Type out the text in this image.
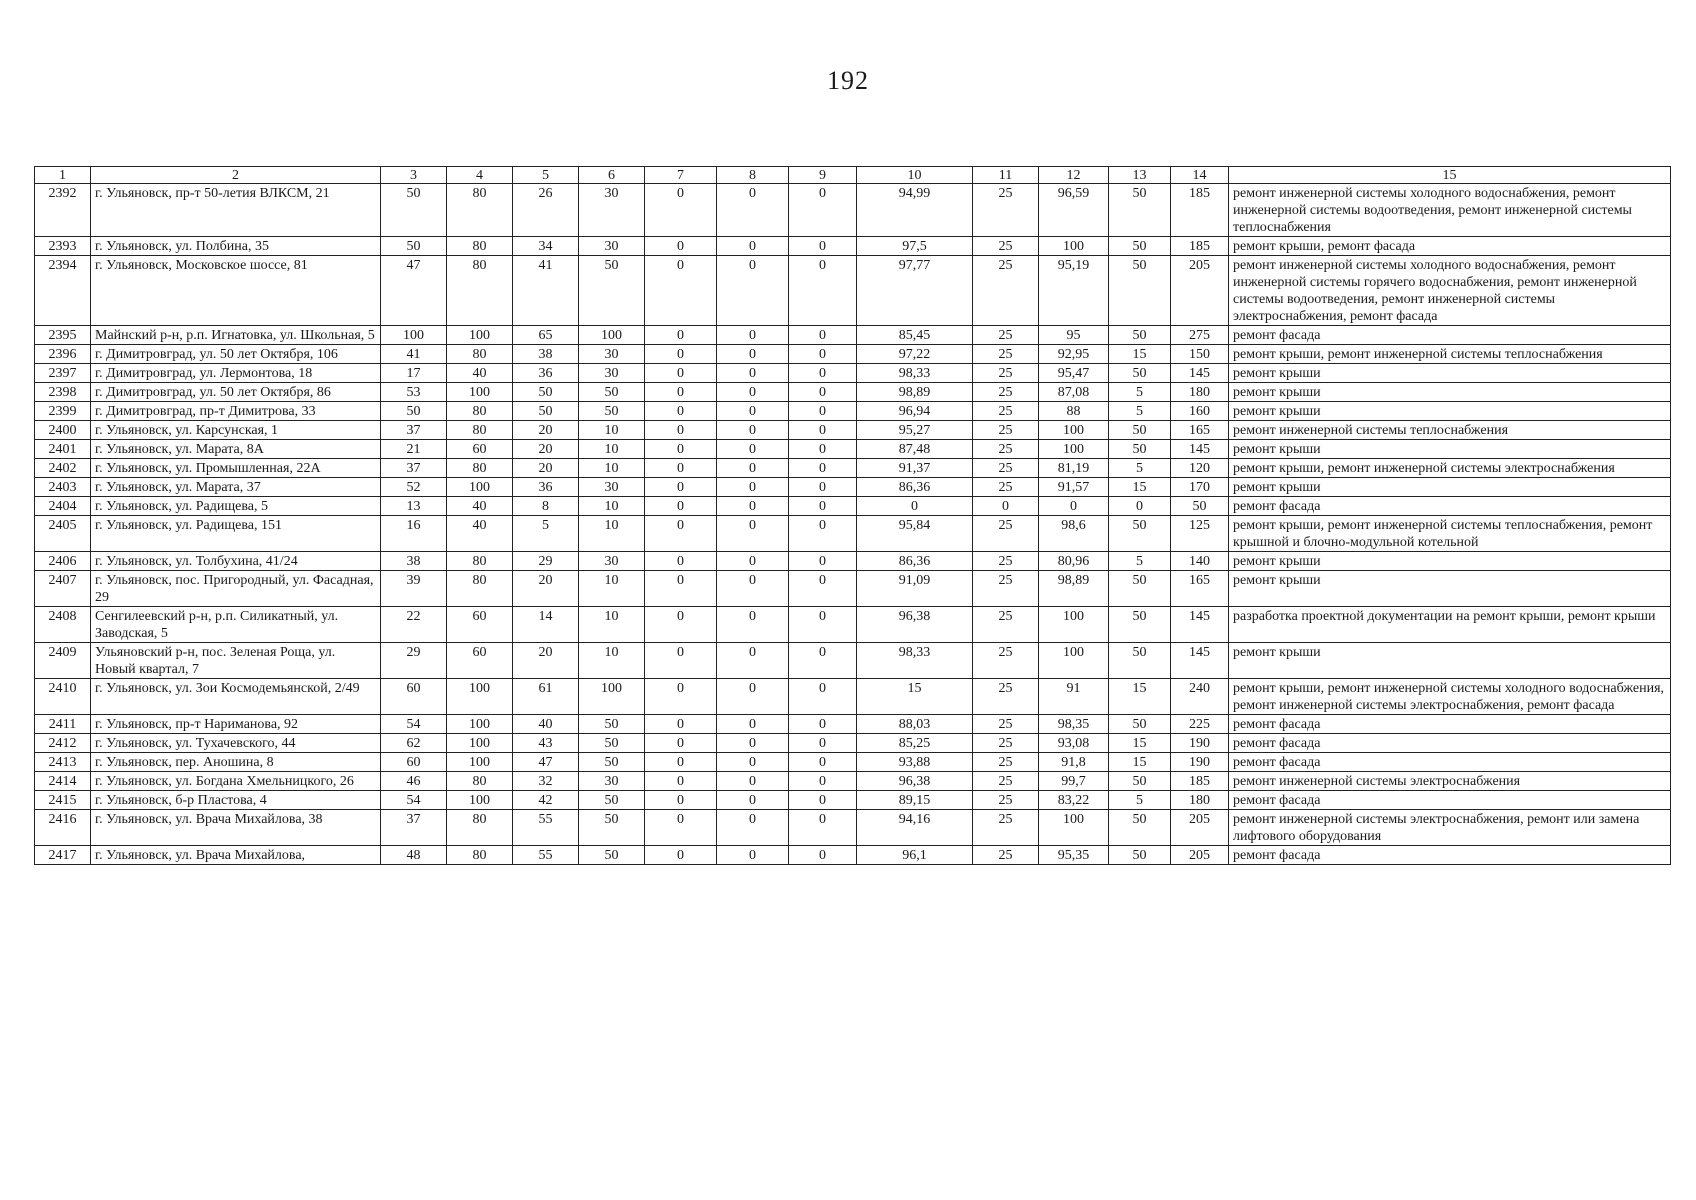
192
1	2	3	4	5	6	7	8	9	10	11	12	13	14	15
2392	г. Ульяновск, пр-т 50-летия ВЛКСМ, 21	50	80	26	30	0	0	0	94,99	25	96,59	50	185	ремонт инженерной системы холодного водоснабжения, ремонт инженерной системы водоотведения, ремонт инженерной системы теплоснабжения
2393	г. Ульяновск, ул. Полбина, 35	50	80	34	30	0	0	0	97,5	25	100	50	185	ремонт крыши, ремонт фасада
2394	г. Ульяновск, Московское шоссе, 81	47	80	41	50	0	0	0	97,77	25	95,19	50	205	ремонт инженерной системы холодного водоснабжения, ремонт инженерной системы горячего водоснабжения, ремонт инженерной системы водоотведения, ремонт инженерной системы электроснабжения, ремонт фасада
2395	Майнский р-н, р.п. Игнатовка, ул. Школьная, 5	100	100	65	100	0	0	0	85,45	25	95	50	275	ремонт фасада
2396	г. Димитровград, ул. 50 лет Октября, 106	41	80	38	30	0	0	0	97,22	25	92,95	15	150	ремонт крыши, ремонт инженерной системы теплоснабжения
2397	г. Димитровград, ул. Лермонтова, 18	17	40	36	30	0	0	0	98,33	25	95,47	50	145	ремонт крыши
2398	г. Димитровград, ул. 50 лет Октября, 86	53	100	50	50	0	0	0	98,89	25	87,08	5	180	ремонт крыши
2399	г. Димитровград, пр-т Димитрова, 33	50	80	50	50	0	0	0	96,94	25	88	5	160	ремонт крыши
2400	г. Ульяновск, ул. Карсунская, 1	37	80	20	10	0	0	0	95,27	25	100	50	165	ремонт инженерной системы теплоснабжения
2401	г. Ульяновск, ул. Марата, 8А	21	60	20	10	0	0	0	87,48	25	100	50	145	ремонт крыши
2402	г. Ульяновск, ул. Промышленная, 22А	37	80	20	10	0	0	0	91,37	25	81,19	5	120	ремонт крыши, ремонт инженерной системы электроснабжения
2403	г. Ульяновск, ул. Марата, 37	52	100	36	30	0	0	0	86,36	25	91,57	15	170	ремонт крыши
2404	г. Ульяновск, ул. Радищева, 5	13	40	8	10	0	0	0	0	0	0	0	50	ремонт фасада
2405	г. Ульяновск, ул. Радищева, 151	16	40	5	10	0	0	0	95,84	25	98,6	50	125	ремонт крыши, ремонт инженерной системы теплоснабжения, ремонт крышной и блочно-модульной котельной
2406	г. Ульяновск, ул. Толбухина, 41/24	38	80	29	30	0	0	0	86,36	25	80,96	5	140	ремонт крыши
2407	г. Ульяновск, пос. Пригородный, ул. Фасадная, 29	39	80	20	10	0	0	0	91,09	25	98,89	50	165	ремонт крыши
2408	Сенгилеевский р-н, р.п. Силикатный, ул. Заводская, 5	22	60	14	10	0	0	0	96,38	25	100	50	145	разработка проектной документации на ремонт крыши, ремонт крыши
2409	Ульяновский р-н, пос. Зеленая Роща, ул. Новый квартал, 7	29	60	20	10	0	0	0	98,33	25	100	50	145	ремонт крыши
2410	г. Ульяновск, ул. Зои Космодемьянской, 2/49	60	100	61	100	0	0	0	15	25	91	15	240	ремонт крыши, ремонт инженерной системы холодного водоснабжения, ремонт инженерной системы электроснабжения, ремонт фасада
2411	г. Ульяновск, пр-т Нариманова, 92	54	100	40	50	0	0	0	88,03	25	98,35	50	225	ремонт фасада
2412	г. Ульяновск, ул. Тухачевского, 44	62	100	43	50	0	0	0	85,25	25	93,08	15	190	ремонт фасада
2413	г. Ульяновск, пер. Аношина, 8	60	100	47	50	0	0	0	93,88	25	91,8	15	190	ремонт фасада
2414	г. Ульяновск, ул. Богдана Хмельницкого, 26	46	80	32	30	0	0	0	96,38	25	99,7	50	185	ремонт инженерной системы электроснабжения
2415	г. Ульяновск, б-р Пластова, 4	54	100	42	50	0	0	0	89,15	25	83,22	5	180	ремонт фасада
2416	г. Ульяновск, ул. Врача Михайлова, 38	37	80	55	50	0	0	0	94,16	25	100	50	205	ремонт инженерной системы электроснабжения, ремонт или замена лифтового оборудования
2417	г. Ульяновск, ул. Врача Михайлова,	48	80	55	50	0	0	0	96,1	25	95,35	50	205	ремонт фасада
